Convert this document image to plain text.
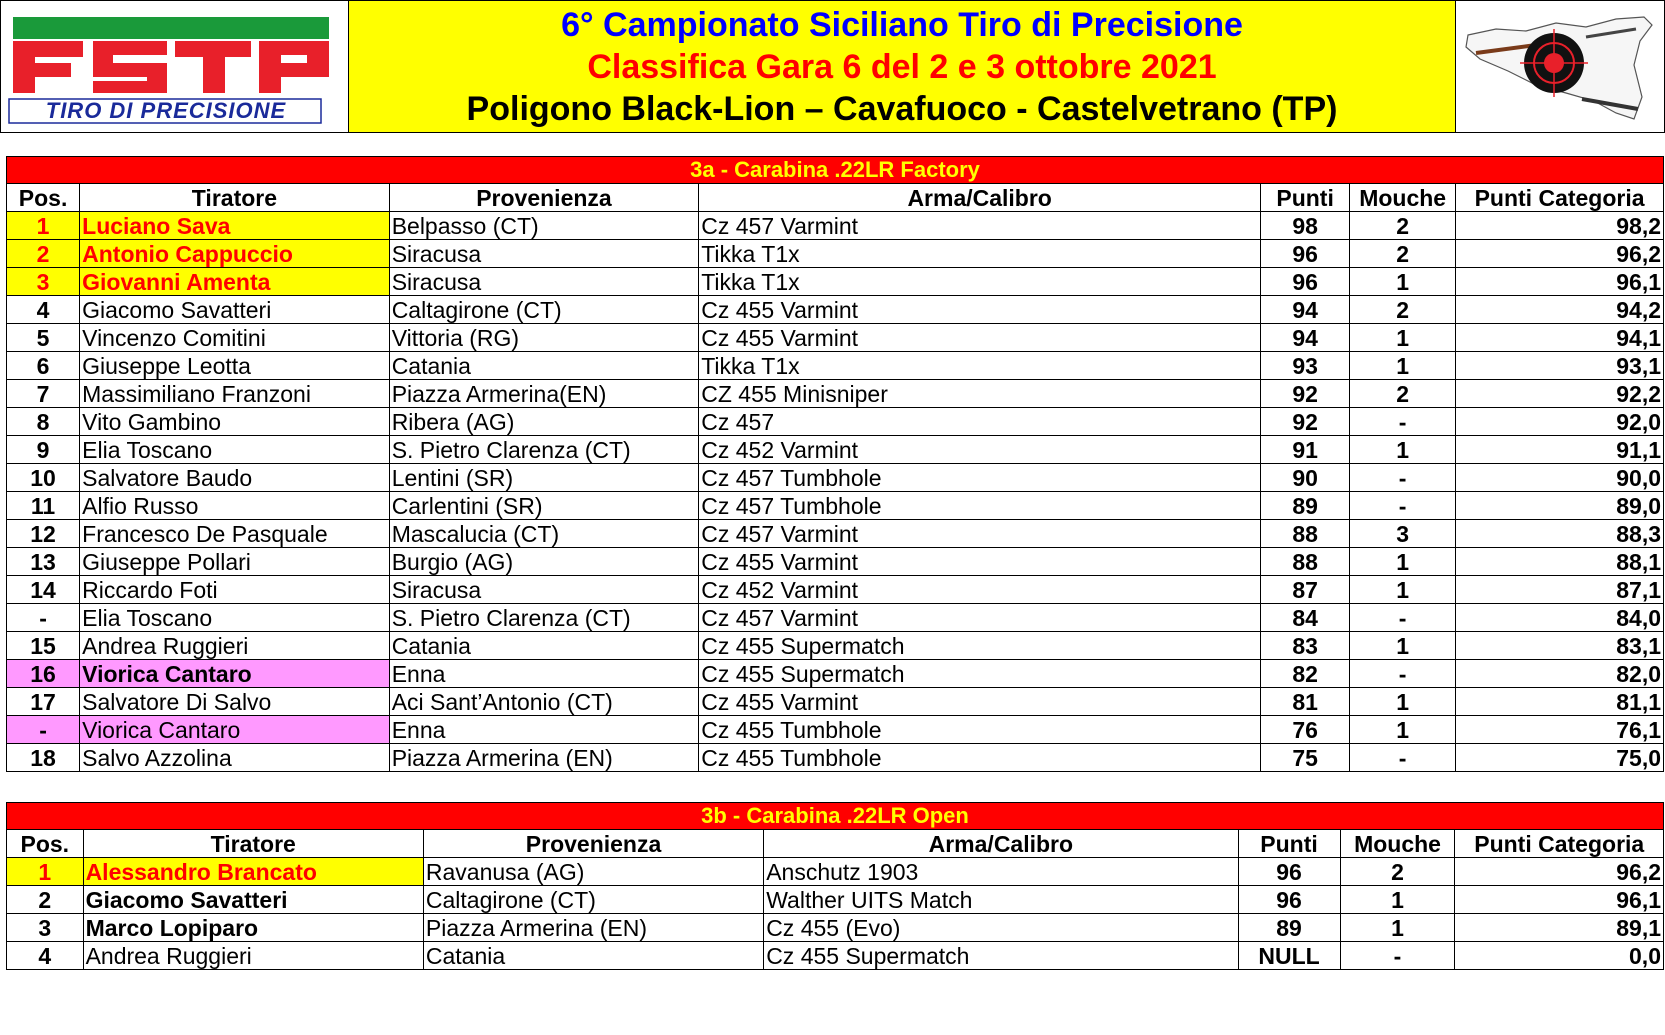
TIRO DI PRECISIONE
6° Campionato Siciliano Tiro di Precisione
Classifica Gara 6 del 2 e 3 ottobre 2021
Poligono Black-Lion – Cavafuoco - Castelvetrano (TP)
3a - Carabina .22LR Factory						
Pos.	Tiratore	Provenienza	Arma/Calibro	Punti	Mouche	Punti Categoria
1	Luciano Sava	Belpasso (CT)	Cz 457 Varmint	98	2	98,2
2	Antonio Cappuccio	Siracusa	Tikka T1x	96	2	96,2
3	Giovanni Amenta	Siracusa	Tikka T1x	96	1	96,1
4	Giacomo Savatteri	Caltagirone (CT)	Cz 455 Varmint	94	2	94,2
5	Vincenzo Comitini	Vittoria (RG)	Cz 455 Varmint	94	1	94,1
6	Giuseppe Leotta	Catania	Tikka T1x	93	1	93,1
7	Massimiliano Franzoni	Piazza Armerina(EN)	CZ 455 Minisniper	92	2	92,2
8	Vito Gambino	Ribera (AG)	Cz 457	92	-	92,0
9	Elia Toscano	S. Pietro Clarenza (CT)	Cz 452 Varmint	91	1	91,1
10	Salvatore Baudo	Lentini (SR)	Cz 457 Tumbhole	90	-	90,0
11	Alfio Russo	Carlentini (SR)	Cz 457 Tumbhole	89	-	89,0
12	Francesco De Pasquale	Mascalucia (CT)	Cz 457 Varmint	88	3	88,3
13	Giuseppe Pollari	Burgio (AG)	Cz 455 Varmint	88	1	88,1
14	Riccardo Foti	Siracusa	Cz 452 Varmint	87	1	87,1
-	Elia Toscano	S. Pietro Clarenza (CT)	Cz 457 Varmint	84	-	84,0
15	Andrea Ruggieri	Catania	Cz 455 Supermatch	83	1	83,1
16	Viorica Cantaro	Enna	Cz 455 Supermatch	82	-	82,0
17	Salvatore Di Salvo	Aci Sant’Antonio (CT)	Cz 455 Varmint	81	1	81,1
-	Viorica Cantaro	Enna	Cz 455 Tumbhole	76	1	76,1
18	Salvo Azzolina	Piazza Armerina (EN)	Cz 455 Tumbhole	75	-	75,0
3b - Carabina .22LR Open						
Pos.	Tiratore	Provenienza	Arma/Calibro	Punti	Mouche	Punti Categoria
1	Alessandro Brancato	Ravanusa (AG)	Anschutz 1903	96	2	96,2
2	Giacomo Savatteri	Caltagirone (CT)	Walther UITS Match	96	1	96,1
3	Marco Lopiparo	Piazza Armerina (EN)	Cz 455 (Evo)	89	1	89,1
4	Andrea Ruggieri	Catania	Cz 455 Supermatch	NULL	-	0,0
